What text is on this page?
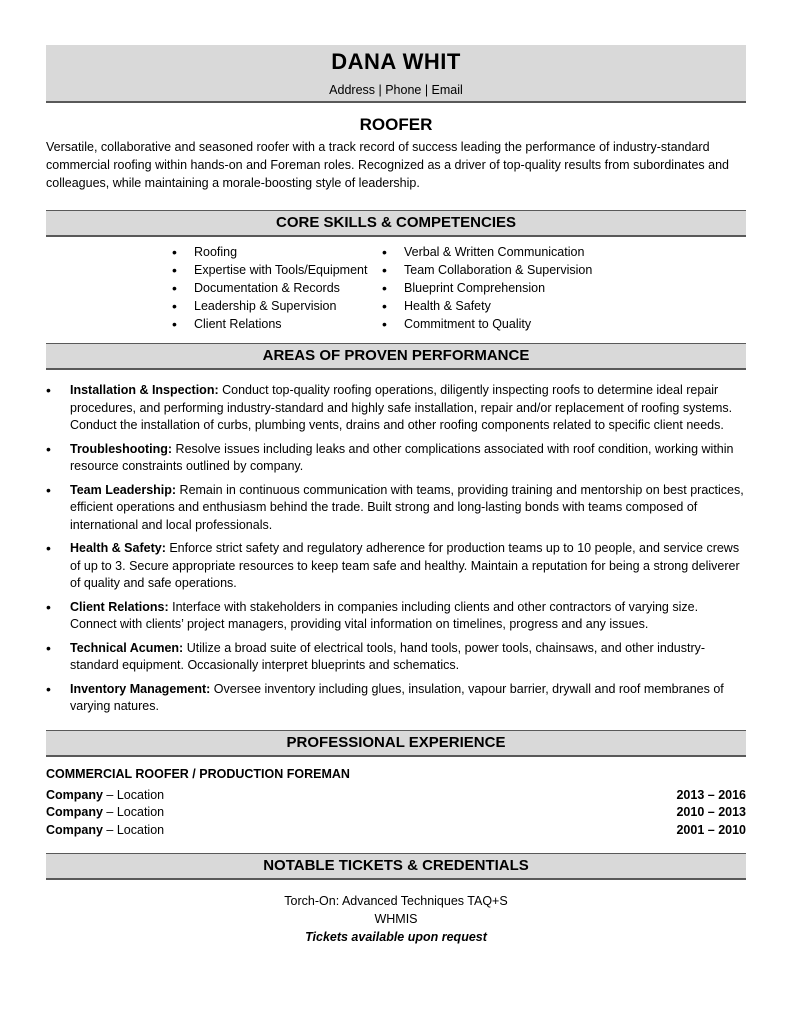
DANA WHIT
Address | Phone | Email
ROOFER
Versatile, collaborative and seasoned roofer with a track record of success leading the performance of industry-standard commercial roofing within hands-on and Foreman roles. Recognized as a driver of top-quality results from subordinates and colleagues, while maintaining a morale-boosting style of leadership.
CORE SKILLS & COMPETENCIES
• Roofing
• Expertise with Tools/Equipment
• Documentation & Records
• Leadership & Supervision
• Client Relations
• Verbal & Written Communication
• Team Collaboration & Supervision
• Blueprint Comprehension
• Health & Safety
• Commitment to Quality
AREAS OF PROVEN PERFORMANCE
• Installation & Inspection: Conduct top-quality roofing operations, diligently inspecting roofs to determine ideal repair procedures, and performing industry-standard and highly safe installation, repair and/or replacement of roofing systems. Conduct the installation of curbs, plumbing vents, drains and other roofing components related to specific client needs.
• Troubleshooting: Resolve issues including leaks and other complications associated with roof condition, working within resource constraints outlined by company.
• Team Leadership: Remain in continuous communication with teams, providing training and mentorship on best practices, efficient operations and enthusiasm behind the trade. Built strong and long-lasting bonds with teams composed of international and local professionals.
• Health & Safety: Enforce strict safety and regulatory adherence for production teams up to 10 people, and service crews of up to 3. Secure appropriate resources to keep team safe and healthy. Maintain a reputation for being a strong deliverer of quality and safe operations.
• Client Relations: Interface with stakeholders in companies including clients and other contractors of varying size. Connect with clients’ project managers, providing vital information on timelines, progress and any issues.
• Technical Acumen: Utilize a broad suite of electrical tools, hand tools, power tools, chainsaws, and other industry-standard equipment. Occasionally interpret blueprints and schematics.
• Inventory Management: Oversee inventory including glues, insulation, vapour barrier, drywall and roof membranes of varying natures.
PROFESSIONAL EXPERIENCE
COMMERCIAL ROOFER / PRODUCTION FOREMAN
Company – Location	2013 – 2016
Company – Location	2010 – 2013
Company – Location	2001 – 2010
NOTABLE TICKETS & CREDENTIALS
Torch-On: Advanced Techniques TAQ+S
WHMIS
Tickets available upon request
